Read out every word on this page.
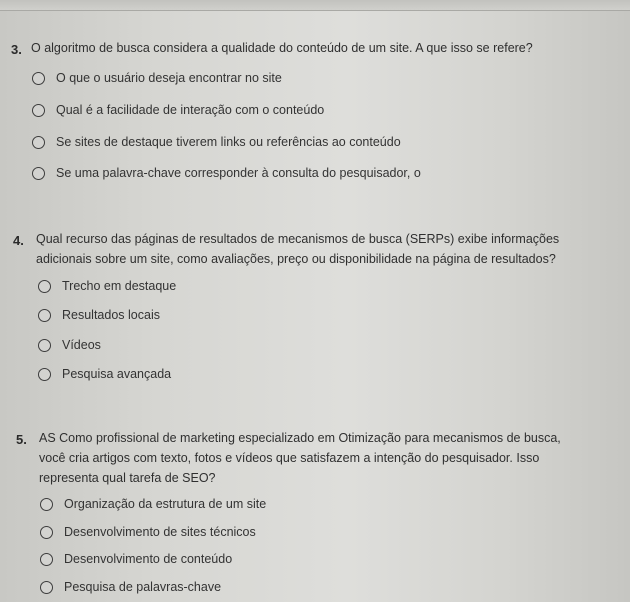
3. O algoritmo de busca considera a qualidade do conteúdo de um site. A que isso se refere?
O que o usuário deseja encontrar no site
Qual é a facilidade de interação com o conteúdo
Se sites de destaque tiverem links ou referências ao conteúdo
Se uma palavra-chave corresponder à consulta do pesquisador, o
4. Qual recurso das páginas de resultados de mecanismos de busca (SERPs) exibe informações adicionais sobre um site, como avaliações, preço ou disponibilidade na página de resultados?
Trecho em destaque
Resultados locais
Vídeos
Pesquisa avançada
5. AS Como profissional de marketing especializado em Otimização para mecanismos de busca, você cria artigos com texto, fotos e vídeos que satisfazem a intenção do pesquisador. Isso representa qual tarefa de SEO?
Organização da estrutura de um site
Desenvolvimento de sites técnicos
Desenvolvimento de conteúdo
Pesquisa de palavras-chave
